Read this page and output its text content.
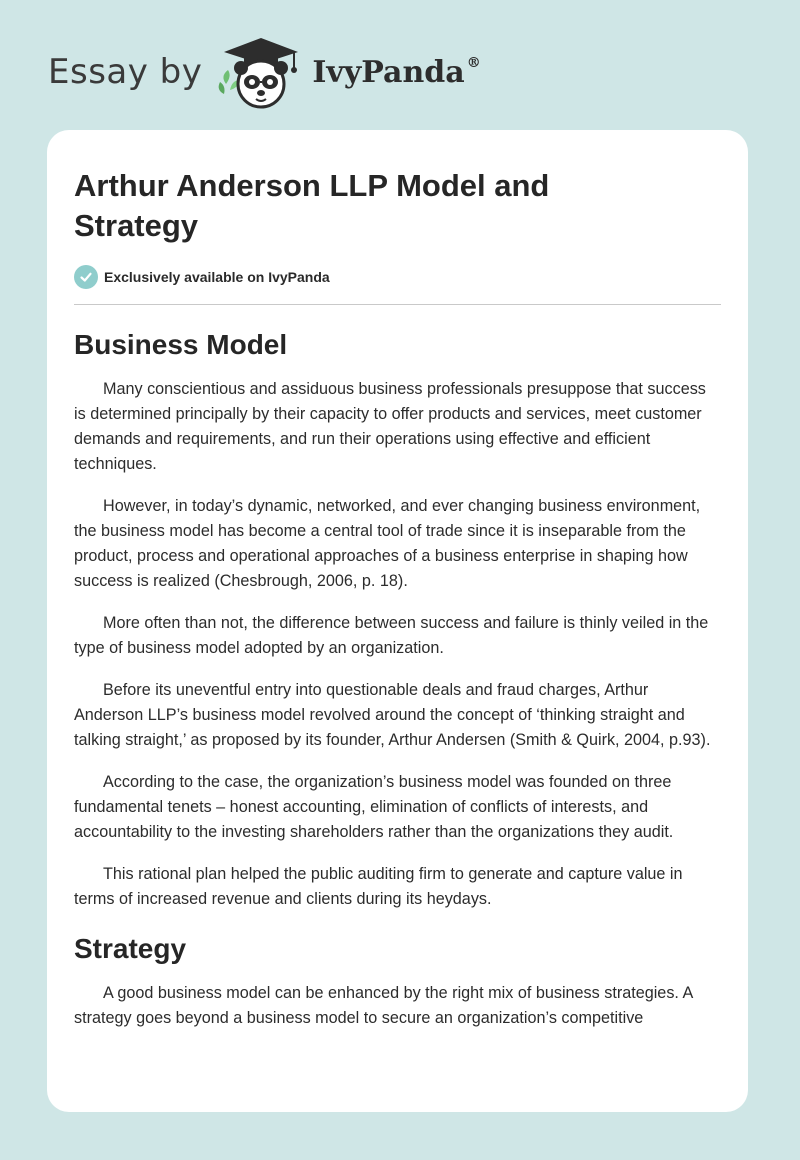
Essay by	IvyPanda ®
Arthur Anderson LLP Model and Strategy
Exclusively available on IvyPanda
Business Model

Many conscientious and assiduous business professionals presuppose that success is determined principally by their capacity to offer products and services, meet customer demands and requirements, and run their operations using effective and efficient techniques.

However, in today’s dynamic, networked, and ever changing business environment, the business model has become a central tool of trade since it is inseparable from the product, process and operational approaches of a business enterprise in shaping how success is realized (Chesbrough, 2006, p. 18).

More often than not, the difference between success and failure is thinly veiled in the type of business model adopted by an organization.

Before its uneventful entry into questionable deals and fraud charges, Arthur Anderson LLP’s business model revolved around the concept of ‘thinking straight and talking straight,’ as proposed by its founder, Arthur Andersen (Smith & Quirk, 2004, p.93).

According to the case, the organization’s business model was founded on three fundamental tenets – honest accounting, elimination of conflicts of interests, and accountability to the investing shareholders rather than the organizations they audit.

This rational plan helped the public auditing firm to generate and capture value in terms of increased revenue and clients during its heydays.

Strategy

A good business model can be enhanced by the right mix of business strategies. A strategy goes beyond a business model to secure an organization’s competitive
